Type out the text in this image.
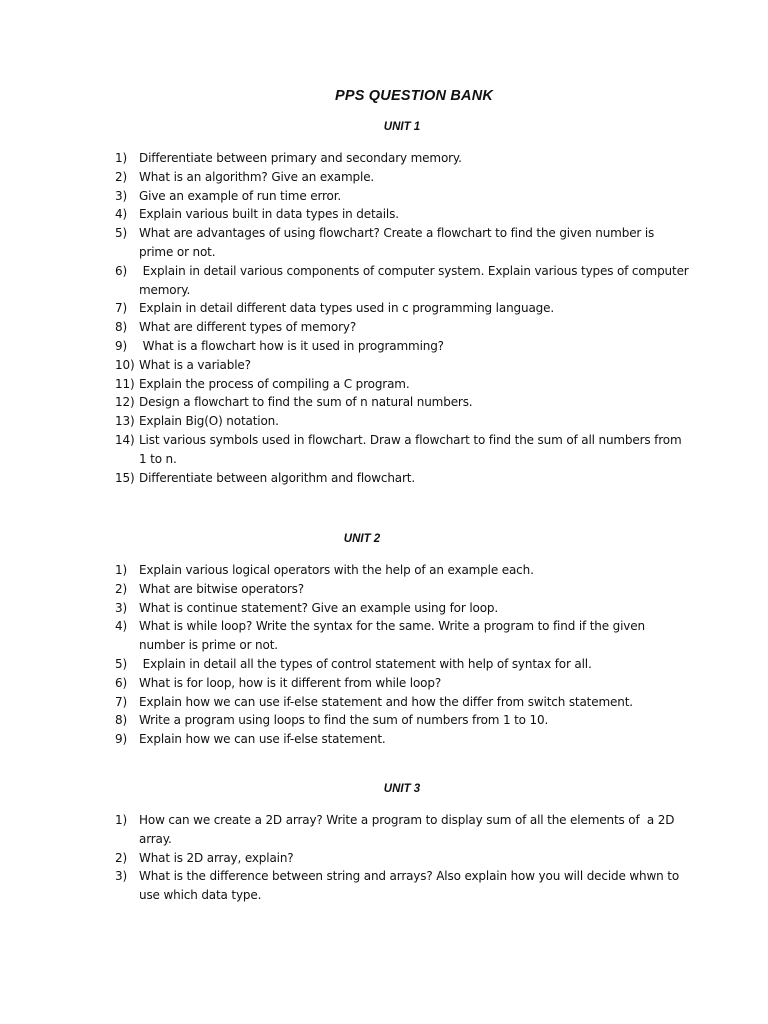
PPS QUESTION BANK
UNIT 1
1) Differentiate between primary and secondary memory.
2) What is an algorithm? Give an example.
3) Give an example of run time error.
4) Explain various built in data types in details.
5) What are advantages of using flowchart? Create a flowchart to find the given number is prime or not.
6) Explain in detail various components of computer system. Explain various types of computer memory.
7) Explain in detail different data types used in c programming language.
8) What are different types of memory?
9) What is a flowchart how is it used in programming?
10) What is a variable?
11) Explain the process of compiling a C program.
12) Design a flowchart to find the sum of n natural numbers.
13) Explain Big(O) notation.
14) List various symbols used in flowchart. Draw a flowchart to find the sum of all numbers from 1 to n.
15) Differentiate between algorithm and flowchart.
UNIT 2
1) Explain various logical operators with the help of an example each.
2) What are bitwise operators?
3) What is continue statement? Give an example using for loop.
4) What is while loop? Write the syntax for the same. Write a program to find if the given number is prime or not.
5) Explain in detail all the types of control statement with help of syntax for all.
6) What is for loop, how is it different from while loop?
7) Explain how we can use if-else statement and how the differ from switch statement.
8) Write a program using loops to find the sum of numbers from 1 to 10.
9) Explain how we can use if-else statement.
UNIT 3
1) How can we create a 2D array? Write a program to display sum of all the elements of  a 2D array.
2) What is 2D array, explain?
3) What is the difference between string and arrays? Also explain how you will decide whwn to use which data type.
